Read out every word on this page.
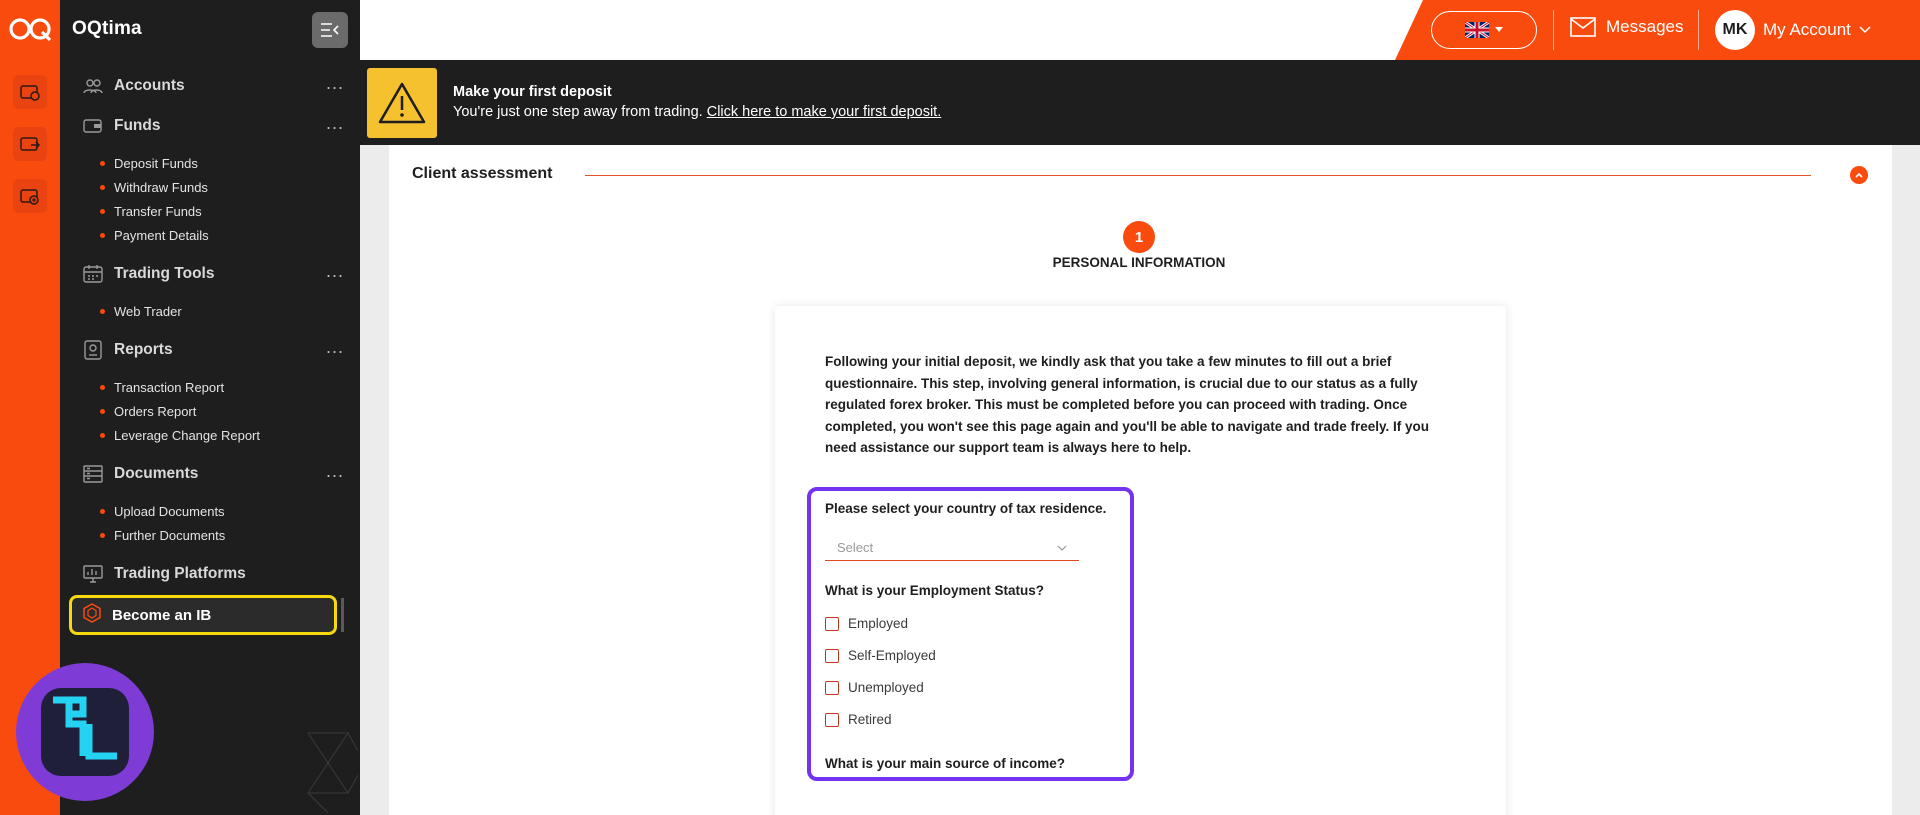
OQtima
Accounts	...
Funds	...
Deposit Funds
Withdraw Funds
Transfer Funds
Payment Details
Trading Tools	...
Web Trader
Reports	...
Transaction Report
Orders Report
Leverage Change Report
Documents	...
Upload Documents
Further Documents
Trading Platforms
Become an IB
Messages	MK My Account
Make your first deposit
You're just one step away from trading. Click here to make your first deposit.
Client assessment
1
PERSONAL INFORMATION

Following your initial deposit, we kindly ask that you take a few minutes to fill out a brief questionnaire. This step, involving general information, is crucial due to our status as a fully regulated forex broker. This must be completed before you can proceed with trading. Once completed, you won't see this page again and you'll be able to navigate and trade freely. If you need assistance our support team is always here to help.

Please select your country of tax residence.
Select
What is your Employment Status?
Employed
Self-Employed
Unemployed
Retired
What is your main source of income?
